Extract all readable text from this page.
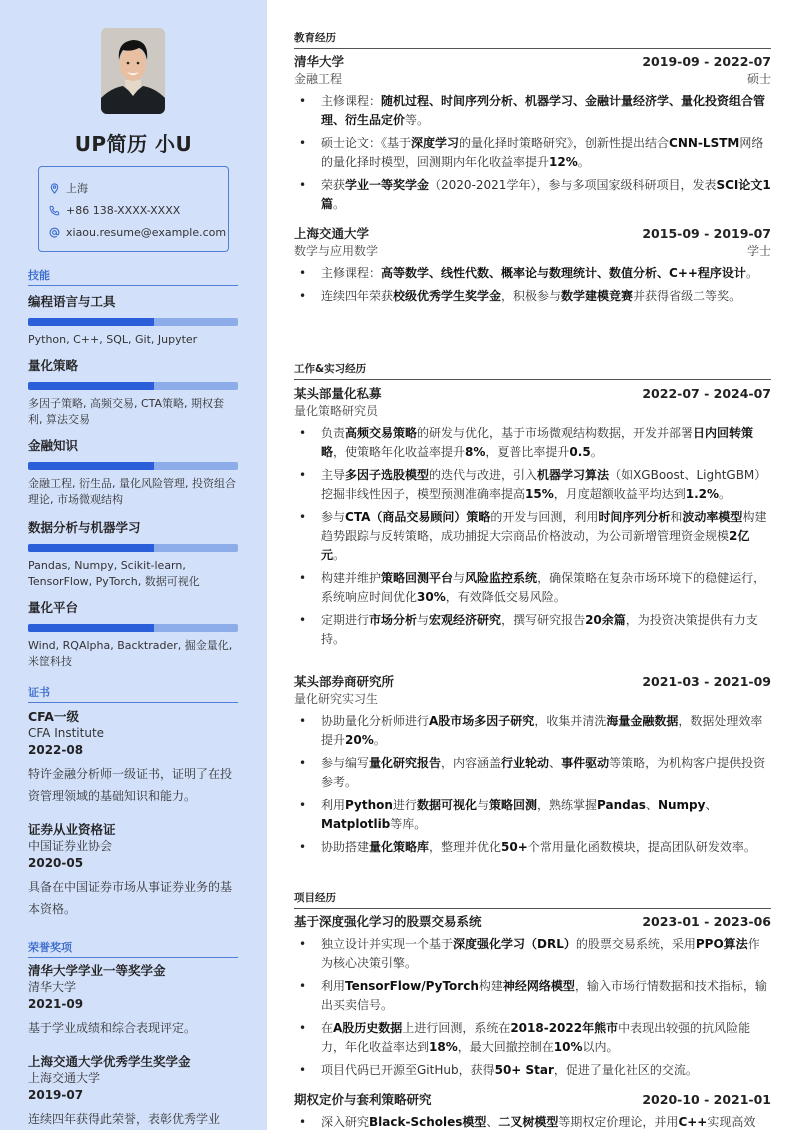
UP简历 小U
上海
+86 138-XXXX-XXXX
xiaou.resume@example.com
技能
编程语言与工具
Python, C++, SQL, Git, Jupyter
量化策略
多因子策略, 高频交易, CTA策略, 期权套利, 算法交易
金融知识
金融工程, 衍生品, 量化风险管理, 投资组合理论, 市场微观结构
数据分析与机器学习
Pandas, Numpy, Scikit-learn, TensorFlow, PyTorch, 数据可视化
量化平台
Wind, RQAlpha, Backtrader, 掘金量化, 米筐科技
证书
CFA一级
CFA Institute
2022-08
特许金融分析师一级证书，证明了在投资管理领域的基础知识和能力。
证券从业资格证
中国证券业协会
2020-05
具备在中国证券市场从事证券业务的基本资格。
荣誉奖项
清华大学学业一等奖学金
清华大学
2021-09
基于学业成绩和综合表现评定。
上海交通大学优秀学生奖学金
上海交通大学
2019-07
连续四年获得此荣誉，表彰优秀学业
教育经历
清华大学	2019-09 - 2022-07
金融工程	硕士
• 主修课程：随机过程、时间序列分析、机器学习、金融计量经济学、量化投资组合管理、衍生品定价等。
• 硕士论文：《基于深度学习的量化择时策略研究》，创新性提出结合CNN-LSTM网络的量化择时模型，回测期内年化收益率提升12%。
• 荣获学业一等奖学金（2020-2021学年），参与多项国家级科研项目，发表SCI论文1篇。
上海交通大学	2015-09 - 2019-07
数学与应用数学	学士
• 主修课程：高等数学、线性代数、概率论与数理统计、数值分析、C++程序设计。
• 连续四年荣获校级优秀学生奖学金，积极参与数学建模竞赛并获得省级二等奖。
工作&实习经历
某头部量化私募	2022-07 - 2024-07
量化策略研究员
• 负责高频交易策略的研发与优化，基于市场微观结构数据，开发并部署日内回转策略，使策略年化收益率提升8%，夏普比率提升0.5。
• 主导多因子选股模型的迭代与改进，引入机器学习算法（如XGBoost、LightGBM）挖掘非线性因子，模型预测准确率提高15%，月度超额收益平均达到1.2%。
• 参与CTA（商品交易顾问）策略的开发与回测，利用时间序列分析和波动率模型构建趋势跟踪与反转策略，成功捕捉大宗商品价格波动，为公司新增管理资金规模2亿元。
• 构建并维护策略回测平台与风险监控系统，确保策略在复杂市场环境下的稳健运行，系统响应时间优化30%，有效降低交易风险。
• 定期进行市场分析与宏观经济研究，撰写研究报告20余篇，为投资决策提供有力支持。
某头部券商研究所	2021-03 - 2021-09
量化研究实习生
• 协助量化分析师进行A股市场多因子研究，收集并清洗海量金融数据，数据处理效率提升20%。
• 参与编写量化研究报告，内容涵盖行业轮动、事件驱动等策略，为机构客户提供投资参考。
• 利用Python进行数据可视化与策略回测，熟练掌握Pandas、Numpy、Matplotlib等库。
• 协助搭建量化策略库，整理并优化50+个常用量化函数模块，提高团队研发效率。
项目经历
基于深度强化学习的股票交易系统	2023-01 - 2023-06
• 独立设计并实现一个基于深度强化学习（DRL）的股票交易系统，采用PPO算法作为核心决策引擎。
• 利用TensorFlow/PyTorch构建神经网络模型，输入市场行情数据和技术指标，输出买卖信号。
• 在A股历史数据上进行回测，系统在2018-2022年熊市中表现出较强的抗风险能力，年化收益率达到18%，最大回撤控制在10%以内。
• 项目代码已开源至GitHub，获得50+ Star，促进了量化社区的交流。
期权定价与套利策略研究	2020-10 - 2021-01
• 深入研究Black-Scholes模型、二叉树模型等期权定价理论，并用C++实现高效
